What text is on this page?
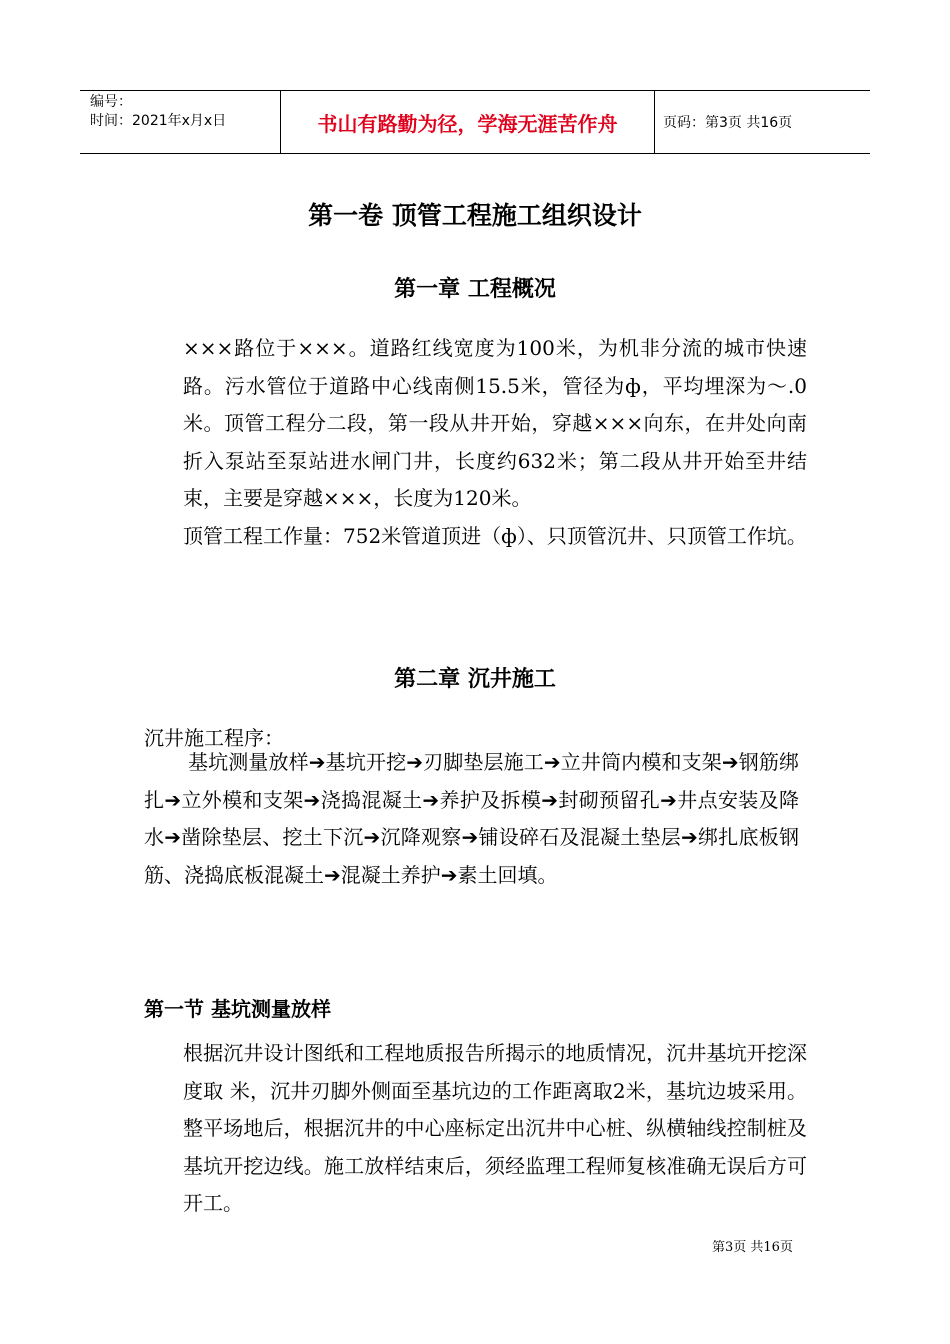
编号：
时间：2021年x月x日	书山有路勤为径，学海无涯苦作舟	页码：第3页 共16页
第一卷 顶管工程施工组织设计
第一章 工程概况
×××路位于×××。道路红线宽度为100米，为机非分流的城市快速路。污水管位于道路中心线南侧15.5米，管径为ф，平均埋深为～.0米。顶管工程分二段，第一段从井开始，穿越×××向东，在井处向南折入泵站至泵站进水闸门井，长度约632米；第二段从井开始至井结束，主要是穿越×××，长度为120米。
顶管工程工作量：752米管道顶进（ф）、只顶管沉井、只顶管工作坑。
第二章 沉井施工
沉井施工程序：
基坑测量放样➔基坑开挖➔刃脚垫层施工➔立井筒内模和支架➔钢筋绑扎➔立外模和支架➔浇捣混凝土➔养护及拆模➔封砌预留孔➔井点安装及降水➔凿除垫层、挖土下沉➔沉降观察➔铺设碎石及混凝土垫层➔绑扎底板钢筋、浇捣底板混凝土➔混凝土养护➔素土回填。
第一节 基坑测量放样
根据沉井设计图纸和工程地质报告所揭示的地质情况，沉井基坑开挖深度取 米，沉井刃脚外侧面至基坑边的工作距离取2米，基坑边坡采用。整平场地后，根据沉井的中心座标定出沉井中心桩、纵横轴线控制桩及基坑开挖边线。施工放样结束后，须经监理工程师复核准确无误后方可开工。
第3页 共16页
